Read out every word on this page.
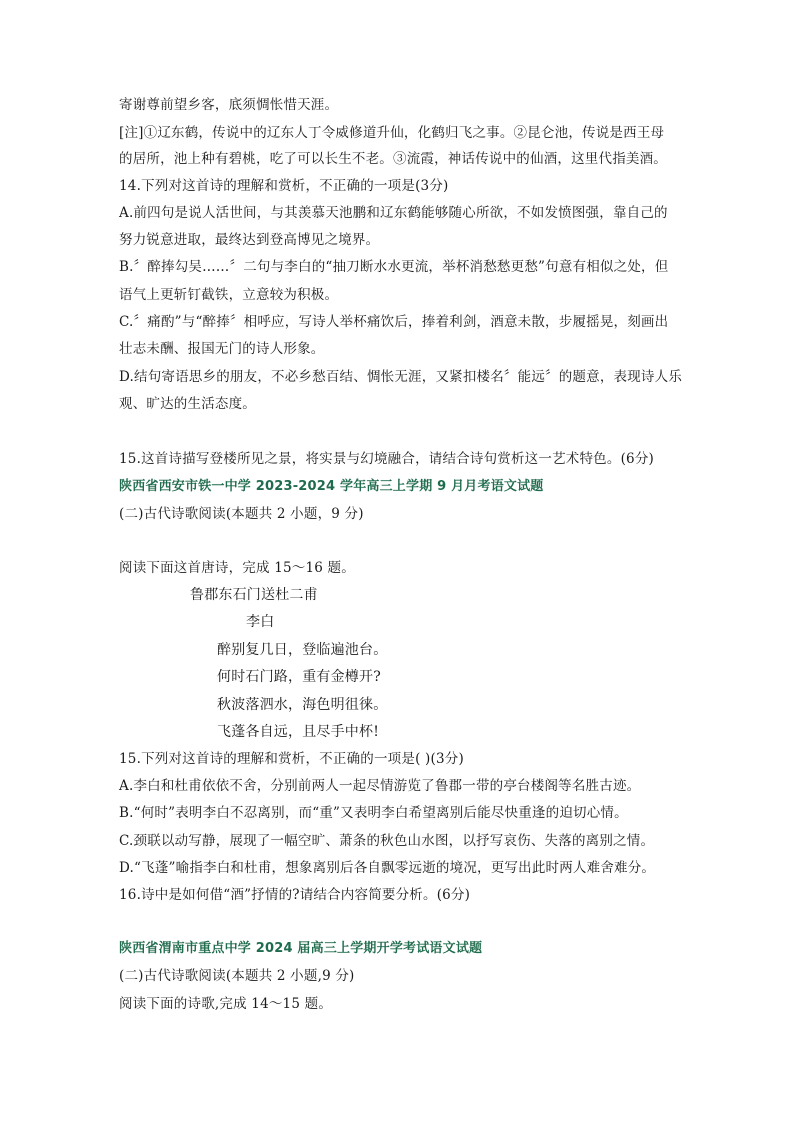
寄谢尊前望乡客，底须惆怅惜天涯。
[注]①辽东鹤，传说中的辽东人丁令威修道升仙，化鹤归飞之事。②昆仑池，传说是西王母
的居所，池上种有碧桃，吃了可以长生不老。③流霞，神话传说中的仙酒，这里代指美酒。
14.下列对这首诗的理解和赏析，不正确的一项是(3分)
A.前四句是说人活世间，与其羡慕天池鹏和辽东鹤能够随心所欲，不如发愤图强，靠自己的
努力锐意进取，最终达到登高博见之境界。
B.〞醉捧勾吴……〞二句与李白的“抽刀断水水更流，举杯消愁愁更愁”句意有相似之处，但
语气上更斩钉截铁，立意较为积极。
C.〞痛酌”与“醉捧〞相呼应，写诗人举杯痛饮后，捧着利剑，酒意未散，步履摇晃，刻画出
壮志未酬、报国无门的诗人形象。
D.结句寄语思乡的朋友，不必乡愁百结、惆怅无涯，又紧扣楼名〞能远〞的题意，表现诗人乐
观、旷达的生活态度。
15.这首诗描写登楼所见之景，将实景与幻境融合，请结合诗句赏析这一艺术特色。(6分)
陕西省西安市铁一中学 2023-2024 学年高三上学期 9 月月考语文试题
(二)古代诗歌阅读(本题共 2 小题，9 分)
阅读下面这首唐诗，完成 15～16 题。
鲁郡东石门送杜二甫
李白
醉别复几日，登临遍池台。
何时石门路，重有金樽开?
秋波落泗水，海色明徂徕。
飞蓬各自远，且尽手中杯!
15.下列对这首诗的理解和赏析，不正确的一项是( )(3分)
A.李白和杜甫依依不舍，分别前两人一起尽情游览了鲁郡一带的亭台楼阁等名胜古迹。
B.“何时”表明李白不忍离别，而“重”又表明李白希望离别后能尽快重逢的迫切心情。
C.颈联以动写静，展现了一幅空旷、萧条的秋色山水图，以抒写哀伤、失落的离别之情。
D.“飞蓬”喻指李白和杜甫，想象离别后各自飘零远逝的境况，更写出此时两人难舍难分。
16.诗中是如何借“酒”抒情的?请结合内容简要分析。(6分)
陕西省渭南市重点中学 2024 届高三上学期开学考试语文试题
(二)古代诗歌阅读(本题共 2 小题,9 分)
阅读下面的诗歌,完成 14～15 题。
